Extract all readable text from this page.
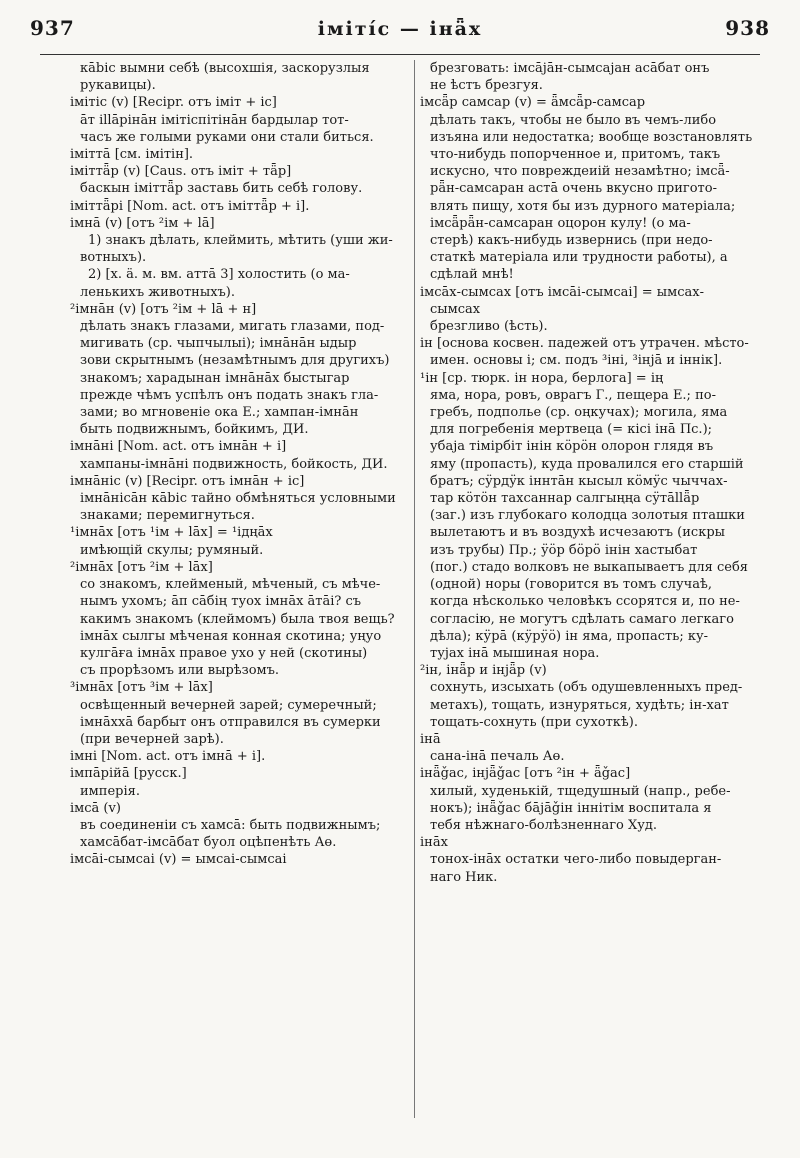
937	іміті́с — інǟх	938
кābіс вымни себѣ (высохшія, заскорузлыя
рукавицы).
імітіс (v) [Recipr. отъ іміт + іс]
āт іllāрінāн імітіспітінāн бардылар тот-
часъ же голыми руками они стали биться.
імітта̄ [см. імітін].
іміттǟр (v) [Caus. отъ іміт + тǟр]
баскын іміттǟр заставь бить себѣ голову.
іміттǟрі [Nom. act. отъ іміттǟр + і].
імна̄ (v) [отъ ²ім + lа̄]
1) знакъ дѣлать, клеймить, мѣтить (уши жи-
вотныхъ).
2) [х. ä. м. вм. атта̄ 3] холостить (о ма-
ленькихъ животныхъ).
²імнāн (v) [отъ ²ім + lā + н]
дѣлать знакъ глазами, мигать глазами, под-
мигивать (ср. чыпчылыі); імнāнāн ыдыр
зови скрытнымъ (незамѣтнымъ для другихъ)
знакомъ; харадынан імнāнāх быстыгар
прежде чѣмъ успѣлъ онъ подать знакъ гла-
зами; во мгновеніе ока Е.; хампан-імнāн
быть подвижнымъ, бойкимъ, ДИ.
імнāні [Nom. act. отъ імнāн + і]
хампаны-імнāні подвижность, бойкость, ДИ.
імнāніс (v) [Recipr. отъ імнāн + іс]
імнāнісāн кābіс тайно обмѣняться условными
знаками; перемигнуться.
¹імнāх [отъ ¹ім + lāх] = ¹ідңāх
имѣющій скулы; румяный.
²імнāх [отъ ²ім + lāх]
со знакомъ, клейменый, мѣченый, съ мѣче-
нымъ ухомъ; āп сāбің туох імнāх āтāі? съ
какимъ знакомъ (клеймомъ) была твоя вещь?
імнāх сылгы мѣченая конная скотина; уңуо
кулгāға імнāх правое ухо у ней (скотины)
съ прорѣзомъ или вырѣзомъ.
³імнāх [отъ ³ім + lāх]
освѣщенный вечерней зарей; сумеречный;
імнāххā барбыт онъ отправился въ сумерки
(при вечерней зарѣ).
імні [Nom. act. отъ імнā + і].
імпāрійā [русск.]
имперія.
імсā (v)
въ соединеніи съ хамсā: быть подвижнымъ;
хамсāбат-імсāбат буол оцѣпенѣть Аө.
імсāі-сымсаі (v) = ымсаі-сымсаі
брезговать: імсājāн-сымсаjан асāбат онъ
не ѣстъ брезгуя.
імсǟр самсар (v) = ǟмсǟр-самсар
дѣлать такъ, чтобы не было въ чемъ-либо
изъяна или недостатка; вообще возстановлять
что-нибудь попорченное и, притомъ, такъ
искусно, что повреждеиій незамѣтно; імсǟ-
рǟн-самсаран астā очень вкусно пригото-
влять пищу, хотя бы изъ дурного матеріала;
імсǟрǟн-самсаран оцорон кулу! (о ма-
стерѣ) какъ-нибудь извернись (при недо-
статкѣ матеріала или трудности работы), а
сдѣлай мнѣ!
імсāх-сымсах [отъ імсāі-сымсаі] = ымсах-
сымсах
брезгливо (ѣсть).
ін [основа косвен. падежей отъ утрачен. мѣсто-
имен. основы і; см. подъ ³іні, ³інjā и іннік].
¹ін [ср. тюрк. ін нора, берлога] = ің
яма, нора, ровъ, оврагъ Г., пещера Е.; по-
гребъ, подполье (ср. оңкучах); могила, яма
для погребенія мертвеца (= кісі інā Пс.);
убаjа тімірбіт інін кӧрӧн олорон глядя въ
яму (пропасть), куда провалился его старшій
братъ; сӱрдӱк іннтāн кысыл кӧмӱс чыччах-
тар кӧтӧн тахсаннар салгыңңа сӱтāllǟр
(заг.) изъ глубокаго колодца золотыя пташки
вылетаютъ и въ воздухѣ исчезаютъ (искры
изъ трубы) Пр.; ӱӧр бӧрӧ інін хастыбат
(пог.) стадо волковъ не выкапываетъ для себя
(одной) норы (говорится въ томъ случаѣ,
когда нѣсколько человѣкъ ссорятся и, по не-
согласію, не могутъ сдѣлать самаго легкаго
дѣла); кӱрā (кӱрӱӧ) ін яма, пропасть; ку-
туjах інā мышиная нора.
²ін, інǟр и інjǟр (v)
сохнуть, изсыхать (объ одушевленныхъ пред-
метахъ), тощать, изнуряться, худѣть; ін-хат
тощать-сохнуть (при сухоткѣ).
інā
сана-інā печаль Аө.
інǟǧас, інjǟǧас [отъ ²ін + ǟǧас]
хилый, худенькій, тщедушный (напр., ребе-
нокъ); інǟǧас бājāǧін іннітім воспитала я
тебя нѣжнаго-болѣзненнаго Худ.
інāх
тонох-інāх остатки чего-либо повыдерган-
наго Ник.
